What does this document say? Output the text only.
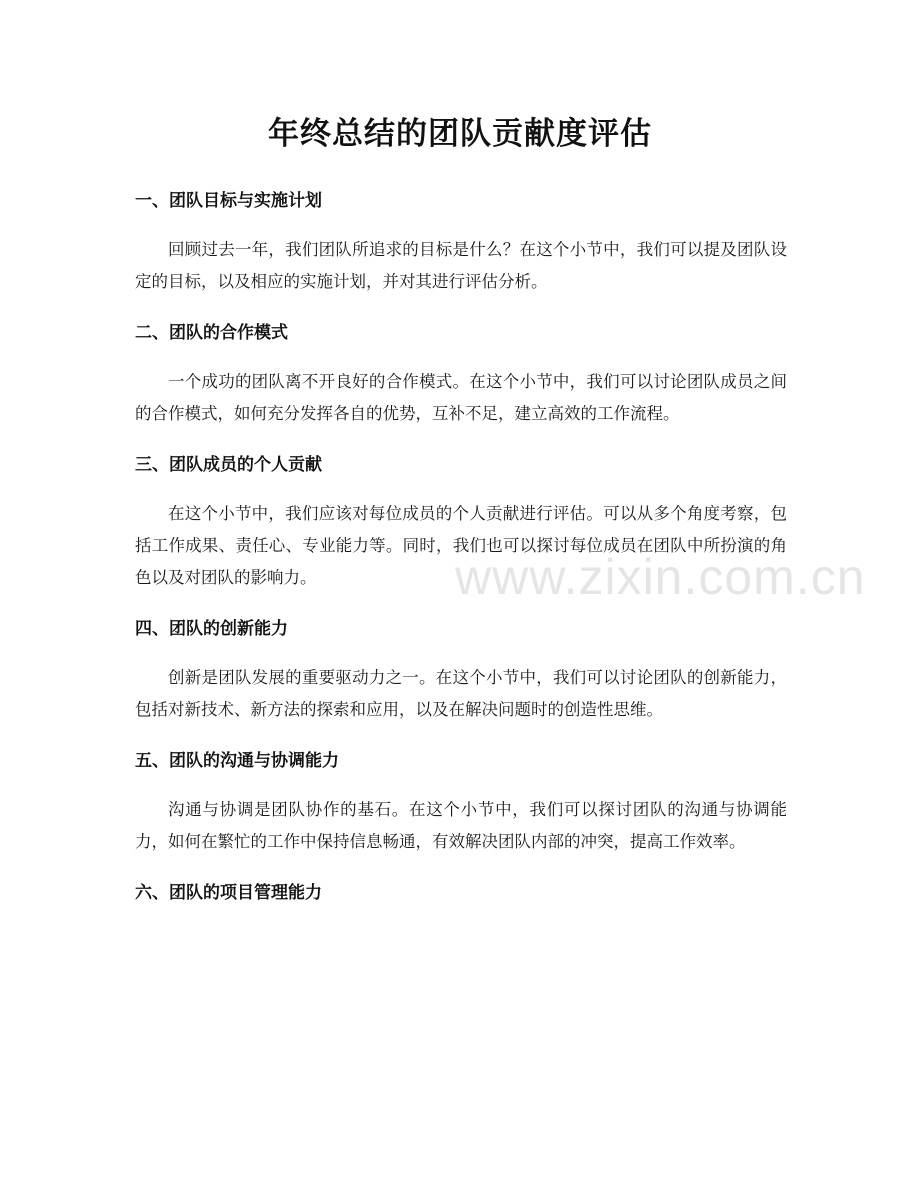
年终总结的团队贡献度评估
一、团队目标与实施计划

回顾过去一年，我们团队所追求的目标是什么？在这个小节中，我们可以提及团队设定的目标，以及相应的实施计划，并对其进行评估分析。

二、团队的合作模式

一个成功的团队离不开良好的合作模式。在这个小节中，我们可以讨论团队成员之间的合作模式，如何充分发挥各自的优势，互补不足，建立高效的工作流程。

三、团队成员的个人贡献

在这个小节中，我们应该对每位成员的个人贡献进行评估。可以从多个角度考察，包括工作成果、责任心、专业能力等。同时，我们也可以探讨每位成员在团队中所扮演的角色以及对团队的影响力。

四、团队的创新能力

创新是团队发展的重要驱动力之一。在这个小节中，我们可以讨论团队的创新能力，包括对新技术、新方法的探索和应用，以及在解决问题时的创造性思维。

五、团队的沟通与协调能力

沟通与协调是团队协作的基石。在这个小节中，我们可以探讨团队的沟通与协调能力，如何在繁忙的工作中保持信息畅通，有效解决团队内部的冲突，提高工作效率。

六、团队的项目管理能力
www.zixin.com.cn
